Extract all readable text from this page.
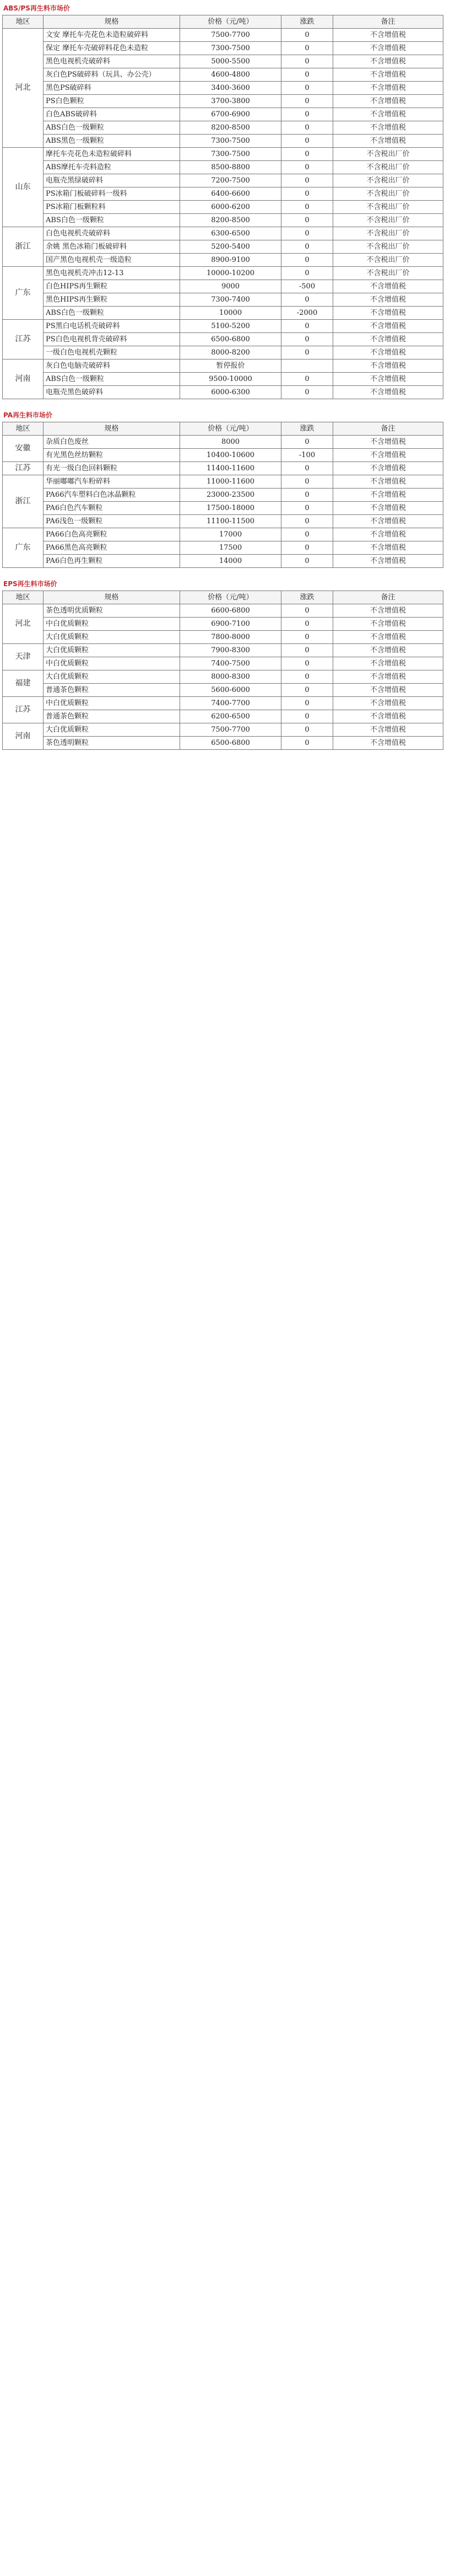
ABS/PS再生料市场价
地区	规格	价格（元/吨）	涨跌	备注
河北	文安 摩托车壳花色未造粒破碎料	7500-7700	0	不含增值税
	保定 摩托车壳破碎料花色未造粒	7300-7500	0	不含增值税
	黑色电视机壳破碎料	5000-5500	0	不含增值税
	灰白色PS破碎料（玩具、办公壳）	4600-4800	0	不含增值税
	黑色PS破碎料	3400-3600	0	不含增值税
	PS白色颗粒	3700-3800	0	不含增值税
	白色ABS破碎料	6700-6900	0	不含增值税
	ABS白色一级颗粒	8200-8500	0	不含增值税
	ABS黑色一级颗粒	7300-7500	0	不含增值税
山东	摩托车壳花色未造粒破碎料	7300-7500	0	不含税出厂价
	ABS摩托车壳料造粒	8500-8800	0	不含税出厂价
	电瓶壳黑绿破碎料	7200-7500	0	不含税出厂价
	PS冰箱门板破碎料一级料	6400-6600	0	不含税出厂价
	PS冰箱门板颗粒料	6000-6200	0	不含税出厂价
	ABS白色一级颗粒	8200-8500	0	不含税出厂价
浙江	白色电视机壳破碎料	6300-6500	0	不含税出厂价
	余姚 黑色冰箱门板破碎料	5200-5400	0	不含税出厂价
	国产黑色电视机壳一级造粒	8900-9100	0	不含税出厂价
广东	黑色电视机壳冲击12-13	10000-10200	0	不含税出厂价
	白色HIPS再生颗粒	9000	-500	不含增值税
	黑色HIPS再生颗粒	7300-7400	0	不含增值税
	ABS白色一级颗粒	10000	-2000	不含增值税
江苏	PS黑白电话机壳破碎料	5100-5200	0	不含增值税
	PS白色电视机背壳破碎料	6500-6800	0	不含增值税
	一级白色电视机壳颗粒	8000-8200	0	不含增值税
河南	灰白色电脑壳破碎料	暂停报价		不含增值税
	ABS白色一级颗粒	9500-10000	0	不含增值税
	电瓶壳黑色破碎料	6000-6300	0	不含增值税
PA再生料市场价
地区	规格	价格（元/吨）	涨跌	备注
安徽	杂质白色废丝	8000	0	不含增值税
	有光黑色丝纺颗粒	10400-10600	-100	不含增值税
江苏	有光一级白色回料颗粒	11400-11600	0	不含增值税
浙江	华丽嘟嘟汽车粉碎料	11000-11600	0	不含增值税
	PA66汽车塑料白色冰晶颗粒	23000-23500	0	不含增值税
	PA6白色汽车颗粒	17500-18000	0	不含增值税
	PA6浅色一级颗粒	11100-11500	0	不含增值税
广东	PA66白色高亮颗粒	17000	0	不含增值税
	PA66黑色高亮颗粒	17500	0	不含增值税
	PA6白色再生颗粒	14000	0	不含增值税
EPS再生料市场价
地区	规格	价格（元/吨）	涨跌	备注
河北	茶色透明优质颗粒	6600-6800	0	不含增值税
	中白优质颗粒	6900-7100	0	不含增值税
	大白优质颗粒	7800-8000	0	不含增值税
天津	大白优质颗粒	7900-8300	0	不含增值税
	中白优质颗粒	7400-7500	0	不含增值税
福建	大白优质颗粒	8000-8300	0	不含增值税
	普通茶色颗粒	5600-6000	0	不含增值税
江苏	中白优质颗粒	7400-7700	0	不含增值税
	普通茶色颗粒	6200-6500	0	不含增值税
河南	大白优质颗粒	7500-7700	0	不含增值税
	茶色透明颗粒	6500-6800	0	不含增值税
